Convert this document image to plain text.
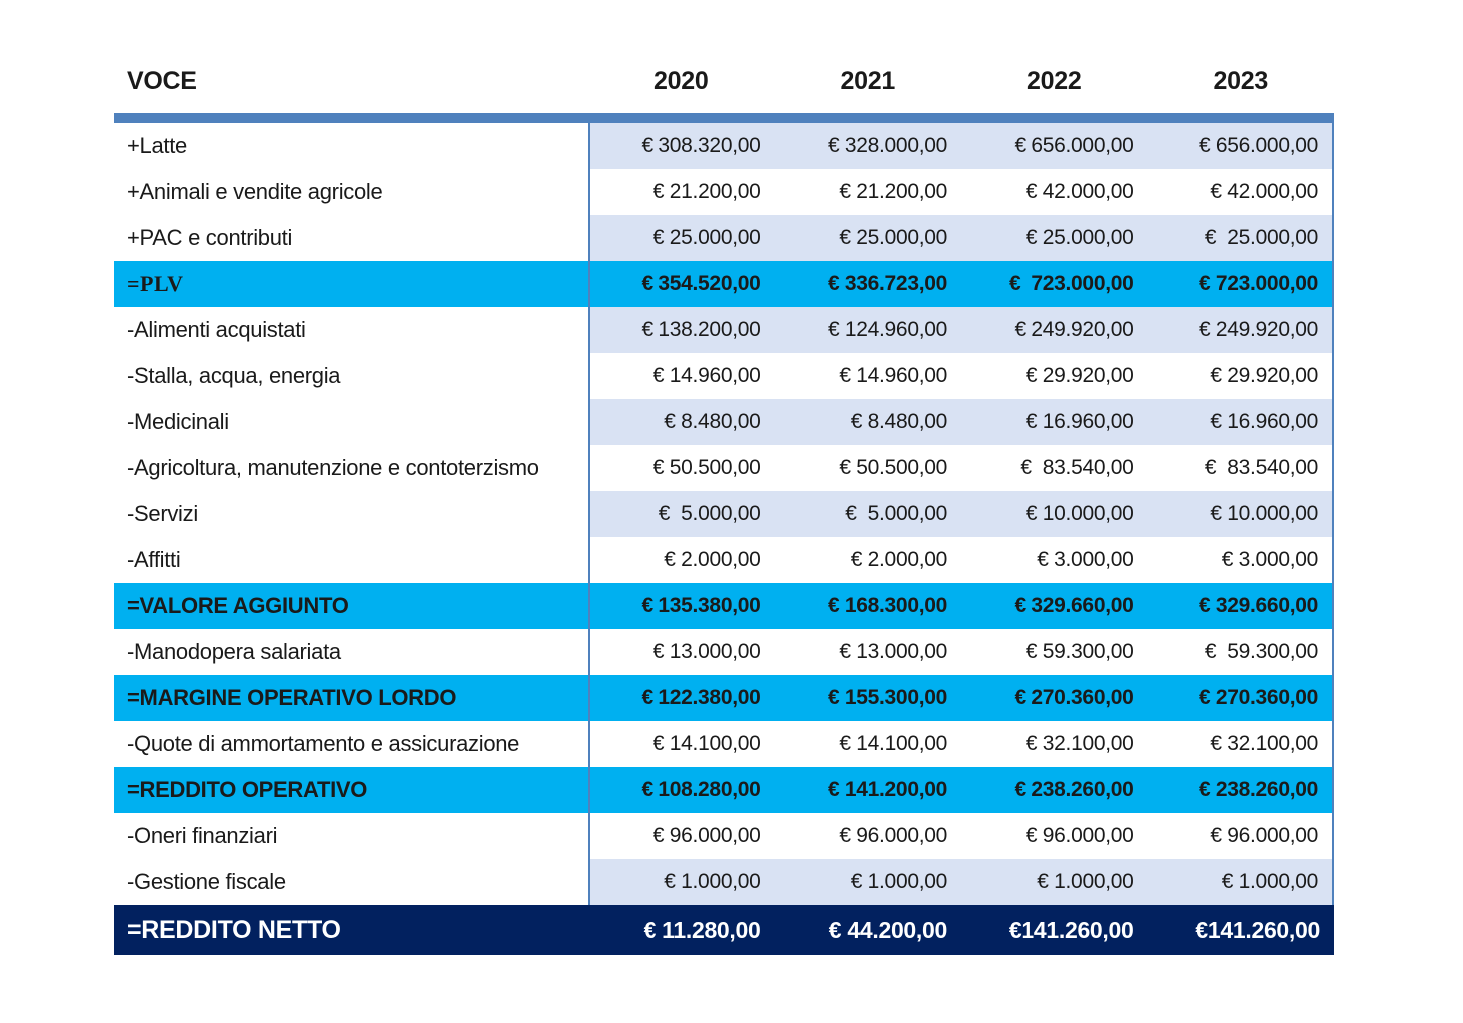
VOCE	2020	2021	2022	2023
+Latte	€ 308.320,00	€ 328.000,00	€ 656.000,00	€ 656.000,00
+Animali e vendite agricole	€ 21.200,00	€ 21.200,00	€ 42.000,00	€ 42.000,00
+PAC e contributi	€ 25.000,00	€ 25.000,00	€ 25.000,00	€  25.000,00
=PLV	€ 354.520,00	€ 336.723,00	€  723.000,00	€ 723.000,00
-Alimenti acquistati	€ 138.200,00	€ 124.960,00	€ 249.920,00	€ 249.920,00
-Stalla, acqua, energia	€ 14.960,00	€ 14.960,00	€ 29.920,00	€ 29.920,00
-Medicinali	€ 8.480,00	€ 8.480,00	€ 16.960,00	€ 16.960,00
-Agricoltura, manutenzione e contoterzismo	€ 50.500,00	€ 50.500,00	€  83.540,00	€  83.540,00
-Servizi	€  5.000,00	€  5.000,00	€ 10.000,00	€ 10.000,00
-Affitti	€ 2.000,00	€ 2.000,00	€ 3.000,00	€ 3.000,00
=VALORE AGGIUNTO	€ 135.380,00	€ 168.300,00	€ 329.660,00	€ 329.660,00
-Manodopera salariata	€ 13.000,00	€ 13.000,00	€ 59.300,00	€  59.300,00
=MARGINE OPERATIVO LORDO	€ 122.380,00	€ 155.300,00	€ 270.360,00	€ 270.360,00
-Quote di ammortamento e assicurazione	€ 14.100,00	€ 14.100,00	€ 32.100,00	€ 32.100,00
=REDDITO OPERATIVO	€ 108.280,00	€ 141.200,00	€ 238.260,00	€ 238.260,00
-Oneri finanziari	€ 96.000,00	€ 96.000,00	€ 96.000,00	€ 96.000,00
-Gestione fiscale	€ 1.000,00	€ 1.000,00	€ 1.000,00	€ 1.000,00
=REDDITO NETTO	€ 11.280,00	€ 44.200,00	€141.260,00	€141.260,00
